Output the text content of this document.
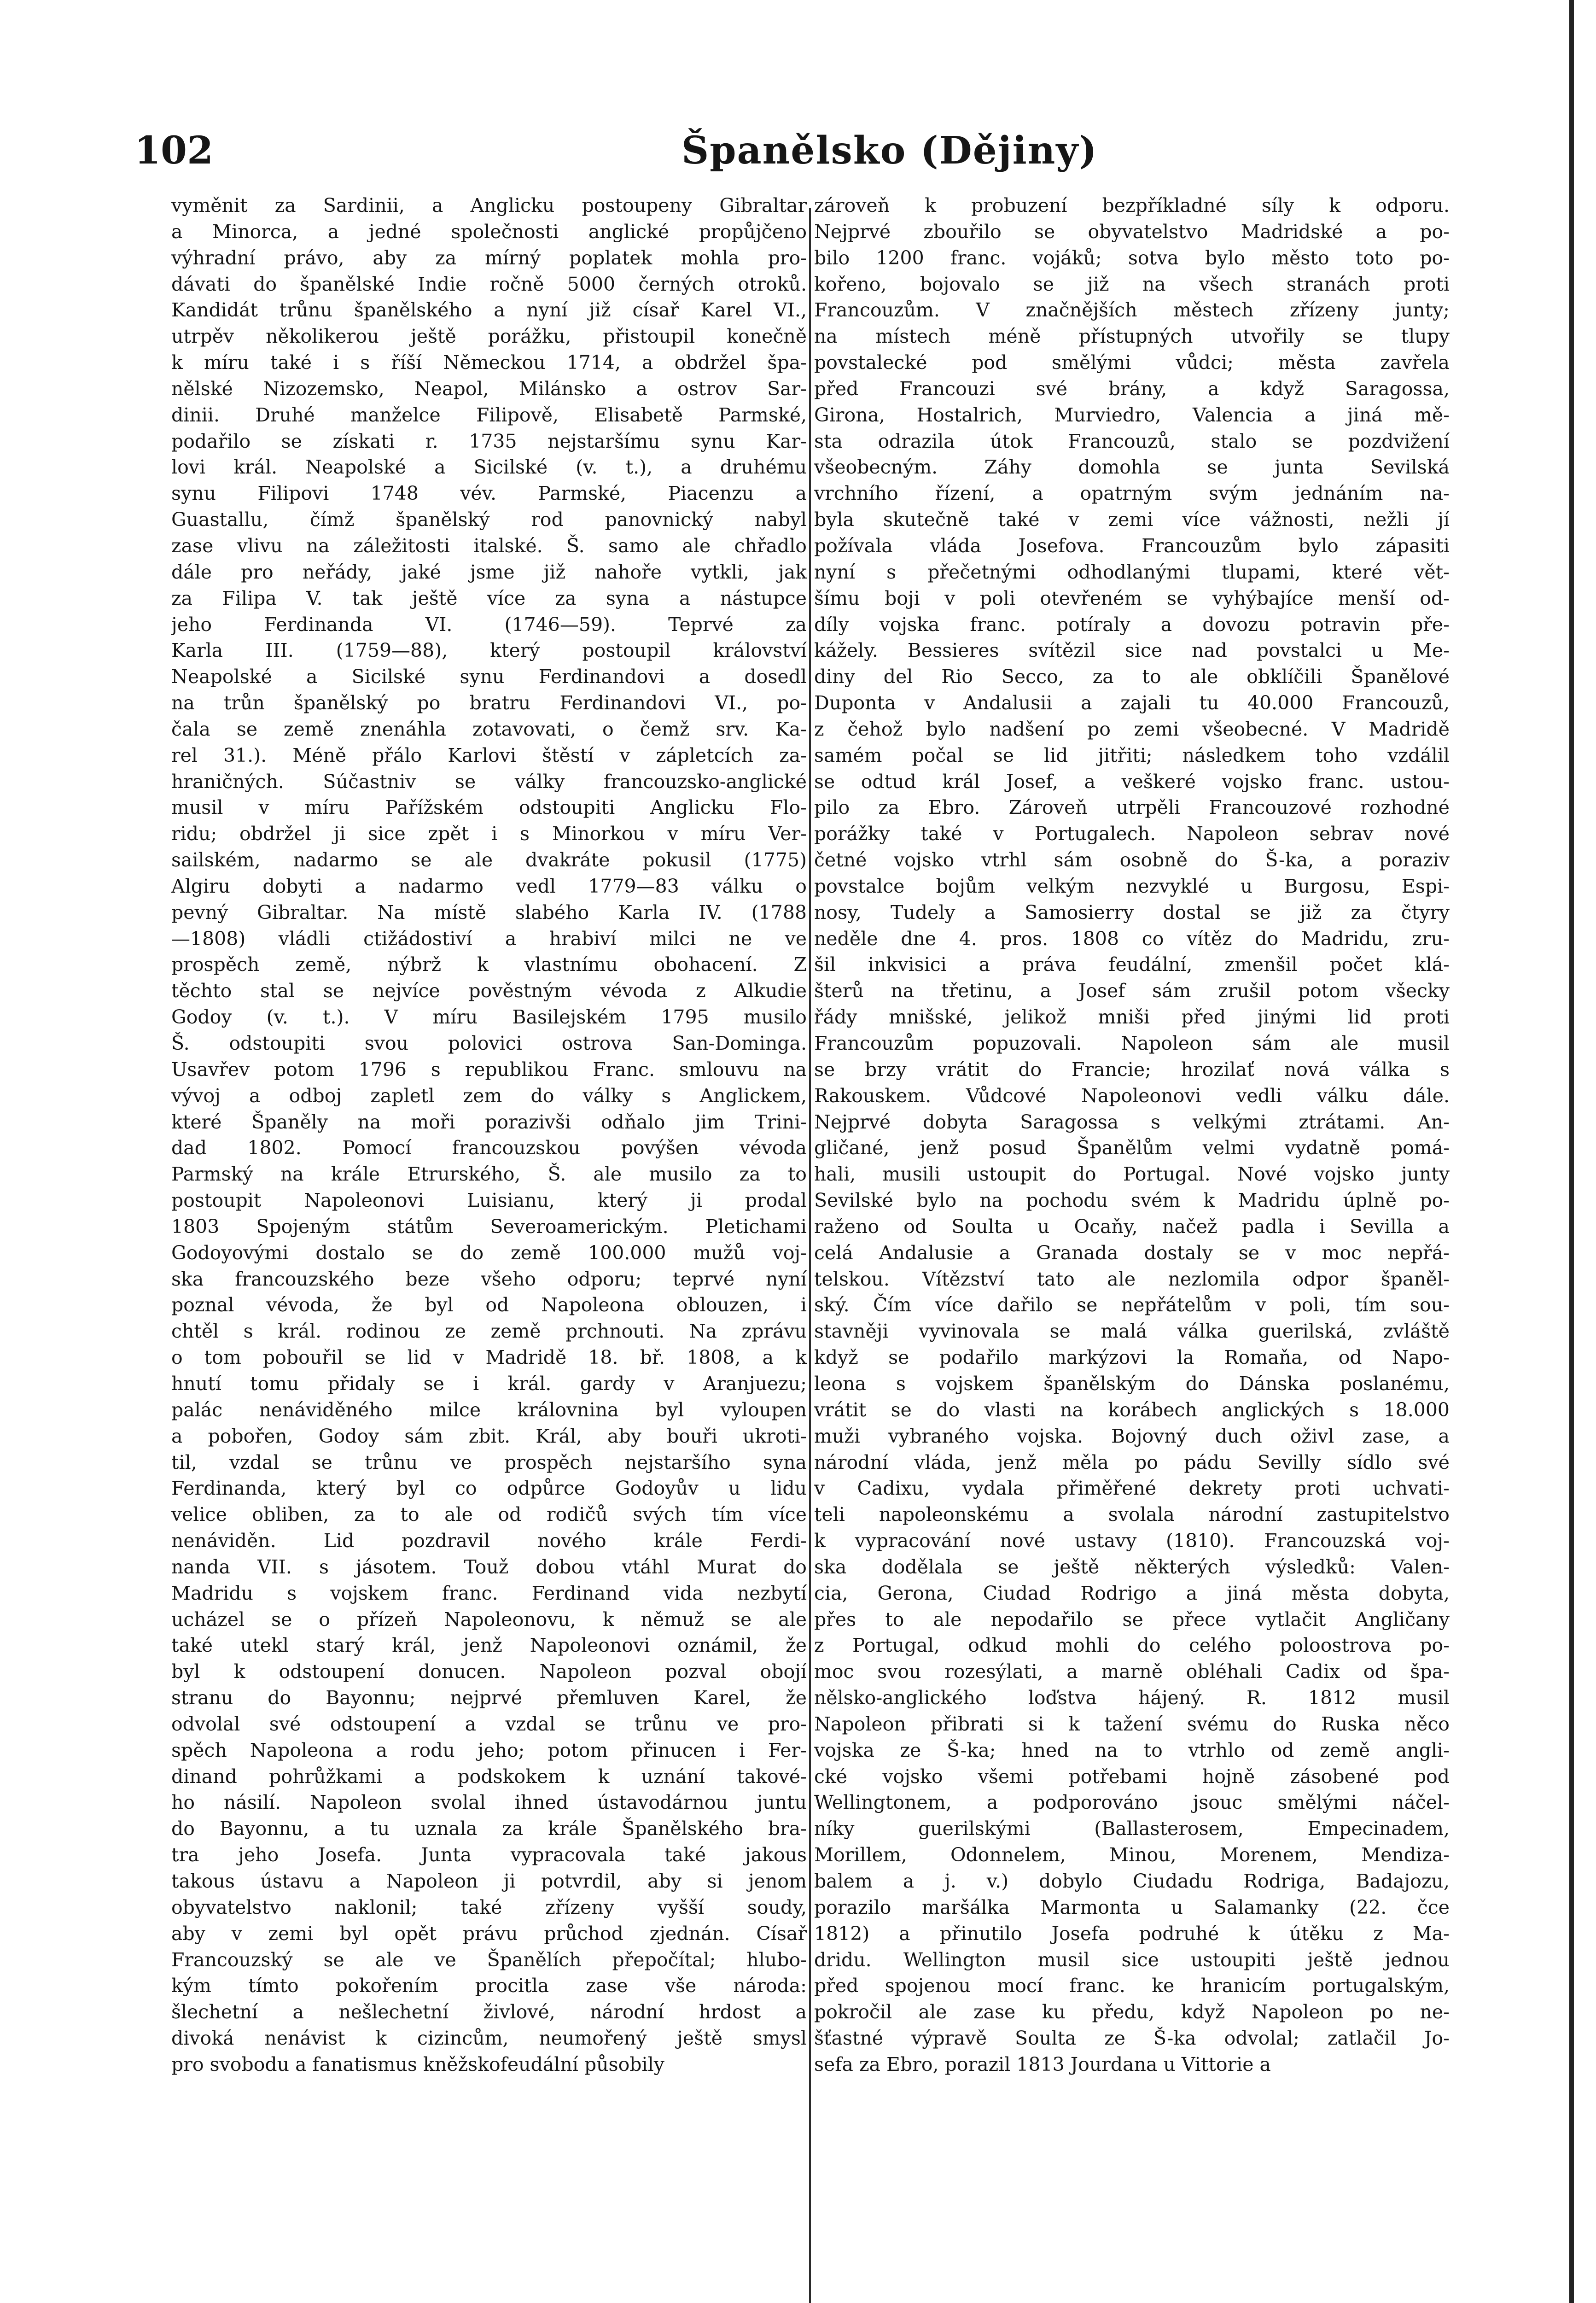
102	Španělsko (Dějiny)
vyměnit za Sardinii, a Anglicku postoupeny Gibraltar
a Minorca, a jedné společnosti anglické propůjčeno
výhradní právo, aby za mírný poplatek mohla pro-
dávati do španělské Indie ročně 5000 černých otroků.
Kandidát trůnu španělského a nyní již císař Karel VI.,
utrpěv několikerou ještě porážku, přistoupil konečně
k míru také i s říší Německou 1714, a obdržel špa-
nělské Nizozemsko, Neapol, Milánsko a ostrov Sar-
dinii. Druhé manželce Filipově, Elisabetě Parmské,
podařilo se získati r. 1735 nejstaršímu synu Kar-
lovi král. Neapolské a Sicilské (v. t.), a druhému
synu Filipovi 1748 vév. Parmské, Piacenzu a
Guastallu, čímž španělský rod panovnický nabyl
zase vlivu na záležitosti italské. Š. samo ale chřadlo
dále pro neřády, jaké jsme již nahoře vytkli, jak
za Filipa V. tak ještě více za syna a nástupce
jeho Ferdinanda VI. (1746—59). Teprvé za
Karla III. (1759—88), který postoupil království
Neapolské a Sicilské synu Ferdinandovi a dosedl
na trůn španělský po bratru Ferdinandovi VI., po-
čala se země znenáhla zotavovati, o čemž srv. Ka-
rel 31.). Méně přálo Karlovi štěstí v zápletcích za-
hraničných. Súčastniv se války francouzsko-anglické
musil v míru Pařížském odstoupiti Anglicku Flo-
ridu; obdržel ji sice zpět i s Minorkou v míru Ver-
sailském, nadarmo se ale dvakráte pokusil (1775)
Algiru dobyti a nadarmo vedl 1779—83 válku o
pevný Gibraltar. Na místě slabého Karla IV. (1788
—1808) vládli ctižádostiví a hrabiví milci ne ve
prospěch země, nýbrž k vlastnímu obohacení. Z
těchto stal se nejvíce pověstným vévoda z Alkudie
Godoy (v. t.). V míru Basilejském 1795 musilo
Š. odstoupiti svou polovici ostrova San-Dominga.
Usavřev potom 1796 s republikou Franc. smlouvu na
vývoj a odboj zapletl zem do války s Anglickem,
které Španěly na moři porazivši odňalo jim Trini-
dad 1802. Pomocí francouzskou povýšen vévoda
Parmský na krále Etrurského, Š. ale musilo za to
postoupit Napoleonovi Luisianu, který ji prodal
1803 Spojeným státům Severoamerickým. Pletichami
Godoyovými dostalo se do země 100.000 mužů voj-
ska francouzského beze všeho odporu; teprvé nyní
poznal vévoda, že byl od Napoleona oblouzen, i
chtěl s král. rodinou ze země prchnouti. Na zprávu
o tom pobouřil se lid v Madridě 18. bř. 1808, a k
hnutí tomu přidaly se i král. gardy v Aranjuezu;
palác nenáviděného milce královnina byl vyloupen
a pobořen, Godoy sám zbit. Král, aby bouři ukroti-
til, vzdal se trůnu ve prospěch nejstaršího syna
Ferdinanda, který byl co odpůrce Godoyův u lidu
velice obliben, za to ale od rodičů svých tím více
nenáviděn. Lid pozdravil nového krále Ferdi-
nanda VII. s jásotem. Touž dobou vtáhl Murat do
Madridu s vojskem franc. Ferdinand vida nezbytí
ucházel se o přízeň Napoleonovu, k němuž se ale
také utekl starý král, jenž Napoleonovi oznámil, že
byl k odstoupení donucen. Napoleon pozval obojí
stranu do Bayonnu; nejprvé přemluven Karel, že
odvolal své odstoupení a vzdal se trůnu ve pro-
spěch Napoleona a rodu jeho; potom přinucen i Fer-
dinand pohrůžkami a podskokem k uznání takové-
ho násilí. Napoleon svolal ihned ústavodárnou juntu
do Bayonnu, a tu uznala za krále Španělského bra-
tra jeho Josefa. Junta vypracovala také jakous
takous ústavu a Napoleon ji potvrdil, aby si jenom
obyvatelstvo naklonil; také zřízeny vyšší soudy,
aby v zemi byl opět právu průchod zjednán. Císař
Francouzský se ale ve Španělích přepočítal; hlubo-
kým tímto pokořením procitla zase vše národa:
šlechetní a nešlechetní živlové, národní hrdost a
divoká nenávist k cizincům, neumořený ještě smysl
pro svobodu a fanatismus kněžskofeudální působily
zároveň k probuzení bezpříkladné síly k odporu.
Nejprvé zbouřilo se obyvatelstvo Madridské a po-
bilo 1200 franc. vojáků; sotva bylo město toto po-
kořeno, bojovalo se již na všech stranách proti
Francouzům. V značnějších městech zřízeny junty;
na místech méně přístupných utvořily se tlupy
povstalecké pod smělými vůdci; města zavřela
před Francouzi své brány, a když Saragossa,
Girona, Hostalrich, Murviedro, Valencia a jiná mě-
sta odrazila útok Francouzů, stalo se pozdvižení
všeobecným. Záhy domohla se junta Sevilská
vrchního řízení, a opatrným svým jednáním na-
byla skutečně také v zemi více vážnosti, nežli jí
požívala vláda Josefova. Francouzům bylo zápasiti
nyní s přečetnými odhodlanými tlupami, které vět-
šímu boji v poli otevřeném se vyhýbajíce menší od-
díly vojska franc. potíraly a dovozu potravin pře-
kážely. Bessieres svítězil sice nad povstalci u Me-
diny del Rio Secco, za to ale obklíčili Španělové
Duponta v Andalusii a zajali tu 40.000 Francouzů,
z čehož bylo nadšení po zemi všeobecné. V Madridě
samém počal se lid jitřiti; následkem toho vzdálil
se odtud král Josef, a veškeré vojsko franc. ustou-
pilo za Ebro. Zároveň utrpěli Francouzové rozhodné
porážky také v Portugalech. Napoleon sebrav nové
četné vojsko vtrhl sám osobně do Š-ka, a poraziv
povstalce bojům velkým nezvyklé u Burgosu, Espi-
nosy, Tudely a Samosierry dostal se již za čtyry
neděle dne 4. pros. 1808 co vítěz do Madridu, zru-
šil inkvisici a práva feudální, zmenšil počet klá-
šterů na třetinu, a Josef sám zrušil potom všecky
řády mnišské, jelikož mniši před jinými lid proti
Francouzům popuzovali. Napoleon sám ale musil
se brzy vrátit do Francie; hrozilať nová válka s
Rakouskem. Vůdcové Napoleonovi vedli válku dále.
Nejprvé dobyta Saragossa s velkými ztrátami. An-
gličané, jenž posud Španělům velmi vydatně pomá-
hali, musili ustoupit do Portugal. Nové vojsko junty
Sevilské bylo na pochodu svém k Madridu úplně po-
raženo od Soulta u Ocaňy, načež padla i Sevilla a
celá Andalusie a Granada dostaly se v moc nepřá-
telskou. Vítězství tato ale nezlomila odpor španěl-
ský. Čím více dařilo se nepřátelům v poli, tím sou-
stavněji vyvinovala se malá válka guerilská, zvláště
když se podařilo markýzovi la Romaňa, od Napo-
leona s vojskem španělským do Dánska poslanému,
vrátit se do vlasti na korábech anglických s 18.000
muži vybraného vojska. Bojovný duch oživl zase, a
národní vláda, jenž měla po pádu Sevilly sídlo své
v Cadixu, vydala přiměřené dekrety proti uchvati-
teli napoleonskému a svolala národní zastupitelstvo
k vypracování nové ustavy (1810). Francouzská voj-
ska dodělala se ještě některých výsledků: Valen-
cia, Gerona, Ciudad Rodrigo a jiná města dobyta,
přes to ale nepodařilo se přece vytlačit Angličany
z Portugal, odkud mohli do celého poloostrova po-
moc svou rozesýlati, a marně obléhali Cadix od špa-
nělsko-anglického loďstva hájený. R. 1812 musil
Napoleon přibrati si k tažení svému do Ruska něco
vojska ze Š-ka; hned na to vtrhlo od země angli-
cké vojsko všemi potřebami hojně zásobené pod
Wellingtonem, a podporováno jsouc smělými náčel-
níky guerilskými (Ballasterosem, Empecinadem,
Morillem, Odonnelem, Minou, Morenem, Mendiza-
balem a j. v.) dobylo Ciudadu Rodriga, Badajozu,
porazilo maršálka Marmonta u Salamanky (22. čce
1812) a přinutilo Josefa podruhé k útěku z Ma-
dridu. Wellington musil sice ustoupiti ještě jednou
před spojenou mocí franc. ke hranicím portugalským,
pokročil ale zase ku předu, když Napoleon po ne-
šťastné výpravě Soulta ze Š-ka odvolal; zatlačil Jo-
sefa za Ebro, porazil 1813 Jourdana u Vittorie a
